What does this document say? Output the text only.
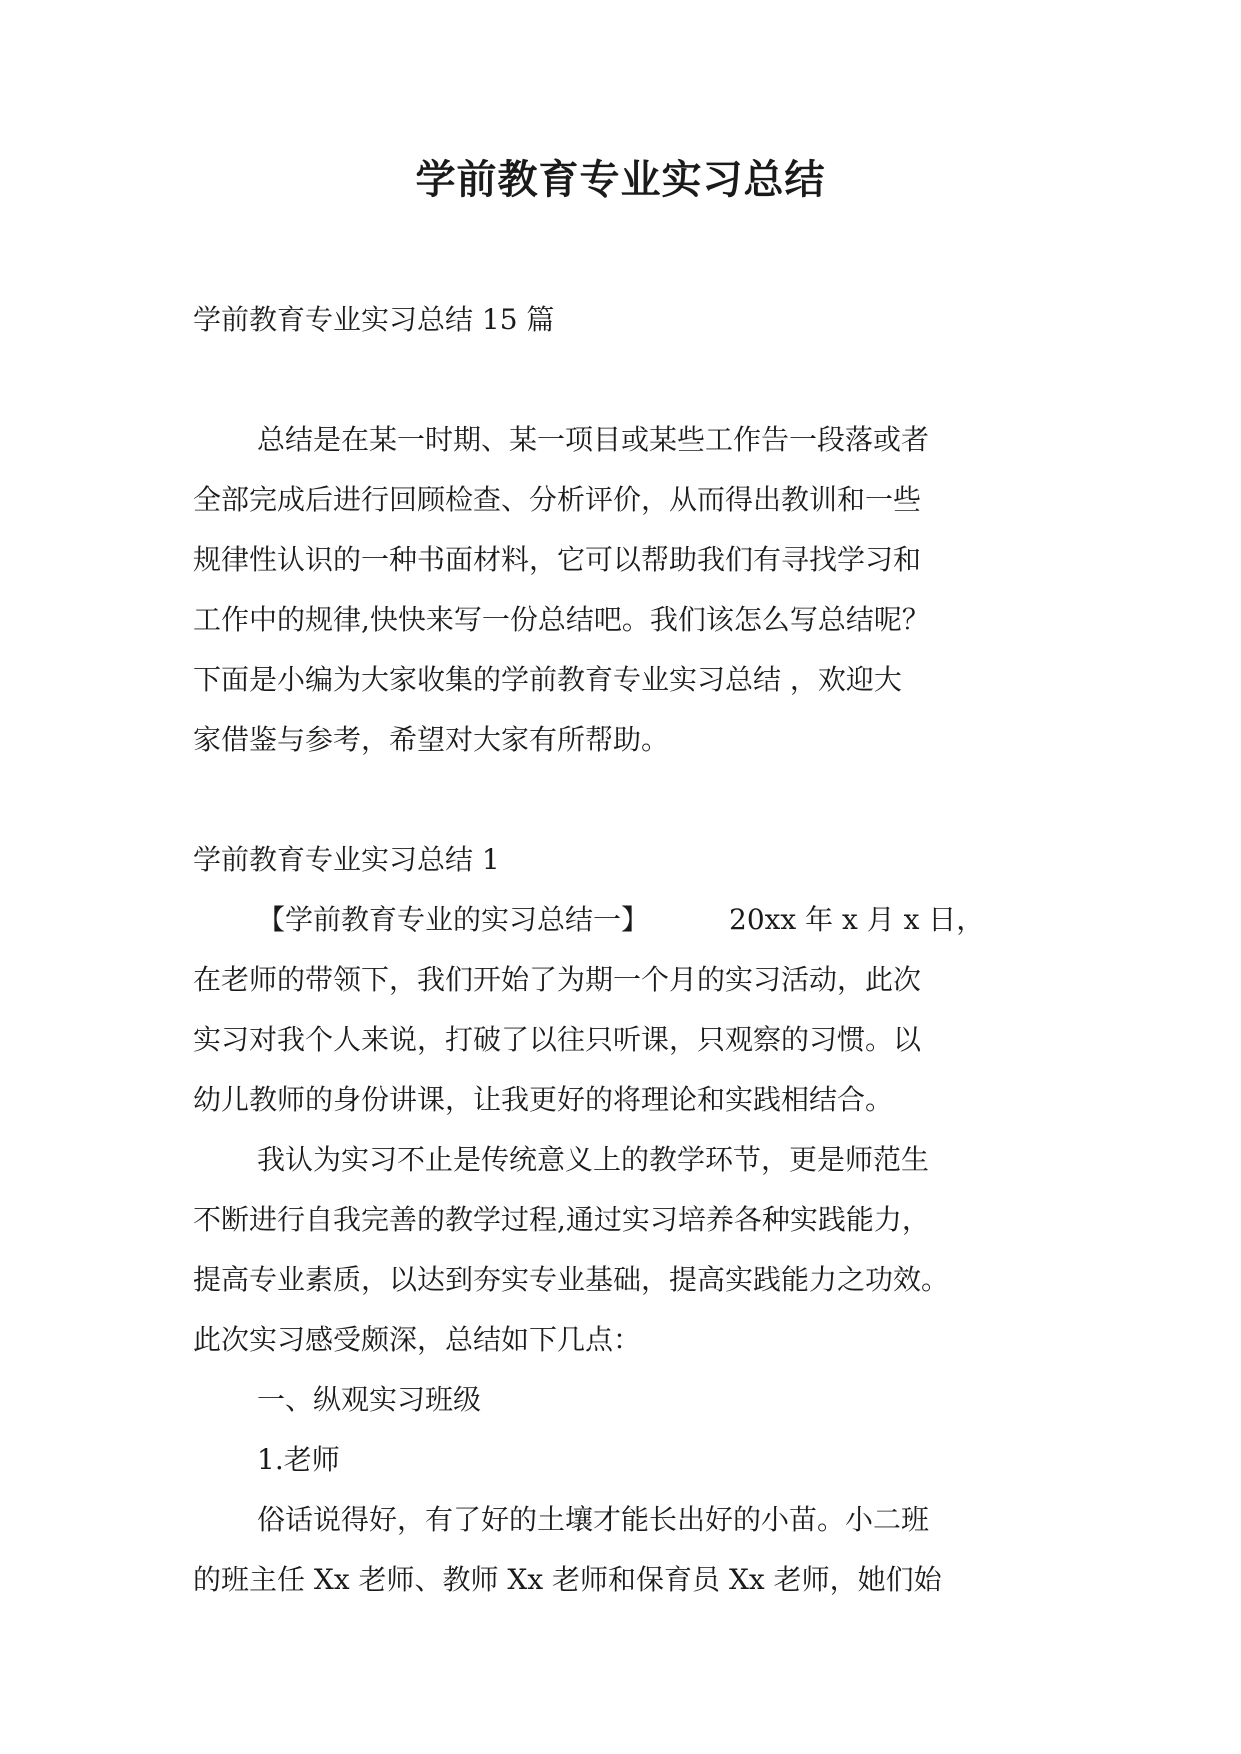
学前教育专业实习总结
学前教育专业实习总结 15 篇
总结是在某一时期、某一项目或某些工作告一段落或者
全部完成后进行回顾检查、分析评价，从而得出教训和一些
规律性认识的一种书面材料，它可以帮助我们有寻找学习和
工作中的规律,快快来写一份总结吧。我们该怎么写总结呢？
下面是小编为大家收集的学前教育专业实习总结 ，欢迎大
家借鉴与参考，希望对大家有所帮助。
学前教育专业实习总结 1
【学前教育专业的实习总结一】	20xx 年 x 月 x 日，
在老师的带领下，我们开始了为期一个月的实习活动，此次
实习对我个人来说，打破了以往只听课，只观察的习惯。以
幼儿教师的身份讲课，让我更好的将理论和实践相结合。
我认为实习不止是传统意义上的教学环节，更是师范生
不断进行自我完善的教学过程,通过实习培养各种实践能力，
提高专业素质，以达到夯实专业基础，提高实践能力之功效。
此次实习感受颇深，总结如下几点：
一、纵观实习班级
1.老师
俗话说得好，有了好的土壤才能长出好的小苗。小二班
的班主任 Xx 老师、教师 Xx 老师和保育员 Xx 老师，她们始
